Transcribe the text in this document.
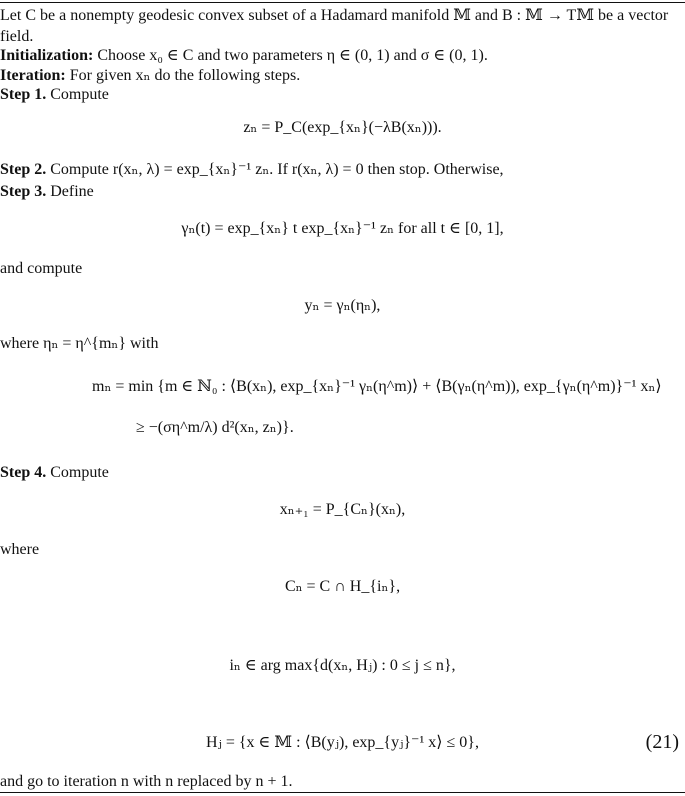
Let C be a nonempty geodesic convex subset of a Hadamard manifold 𝕄 and B : 𝕄 → T𝕄 be a vector
field.
Initialization: Choose x₀ ∈ C and two parameters η ∈ (0, 1) and σ ∈ (0, 1).
Iteration: For given xₙ do the following steps.
Step 1. Compute
zₙ = P_C(exp_{xₙ}(−λB(xₙ))).
Step 2. Compute r(xₙ, λ) = exp_{xₙ}⁻¹ zₙ. If r(xₙ, λ) = 0 then stop. Otherwise,
Step 3. Define
γₙ(t) = exp_{xₙ} t exp_{xₙ}⁻¹ zₙ for all t ∈ [0, 1],
and compute
yₙ = γₙ(ηₙ),
where ηₙ = η^{mₙ} with
mₙ = min {m ∈ ℕ₀ : ⟨B(xₙ), exp_{xₙ}⁻¹ γₙ(η^m)⟩ + ⟨B(γₙ(η^m)), exp_{γₙ(η^m)}⁻¹ xₙ⟩
≥ −(ση^m/λ) d²(xₙ, zₙ)}.
Step 4. Compute
xₙ₊₁ = P_{Cₙ}(xₙ),
where
Cₙ = C ∩ H_{iₙ},
iₙ ∈ arg max{d(xₙ, Hⱼ) : 0 ≤ j ≤ n},
Hⱼ = {x ∈ 𝕄 : ⟨B(yⱼ), exp_{yⱼ}⁻¹ x⟩ ≤ 0},	(21)
and go to iteration n with n replaced by n + 1.
